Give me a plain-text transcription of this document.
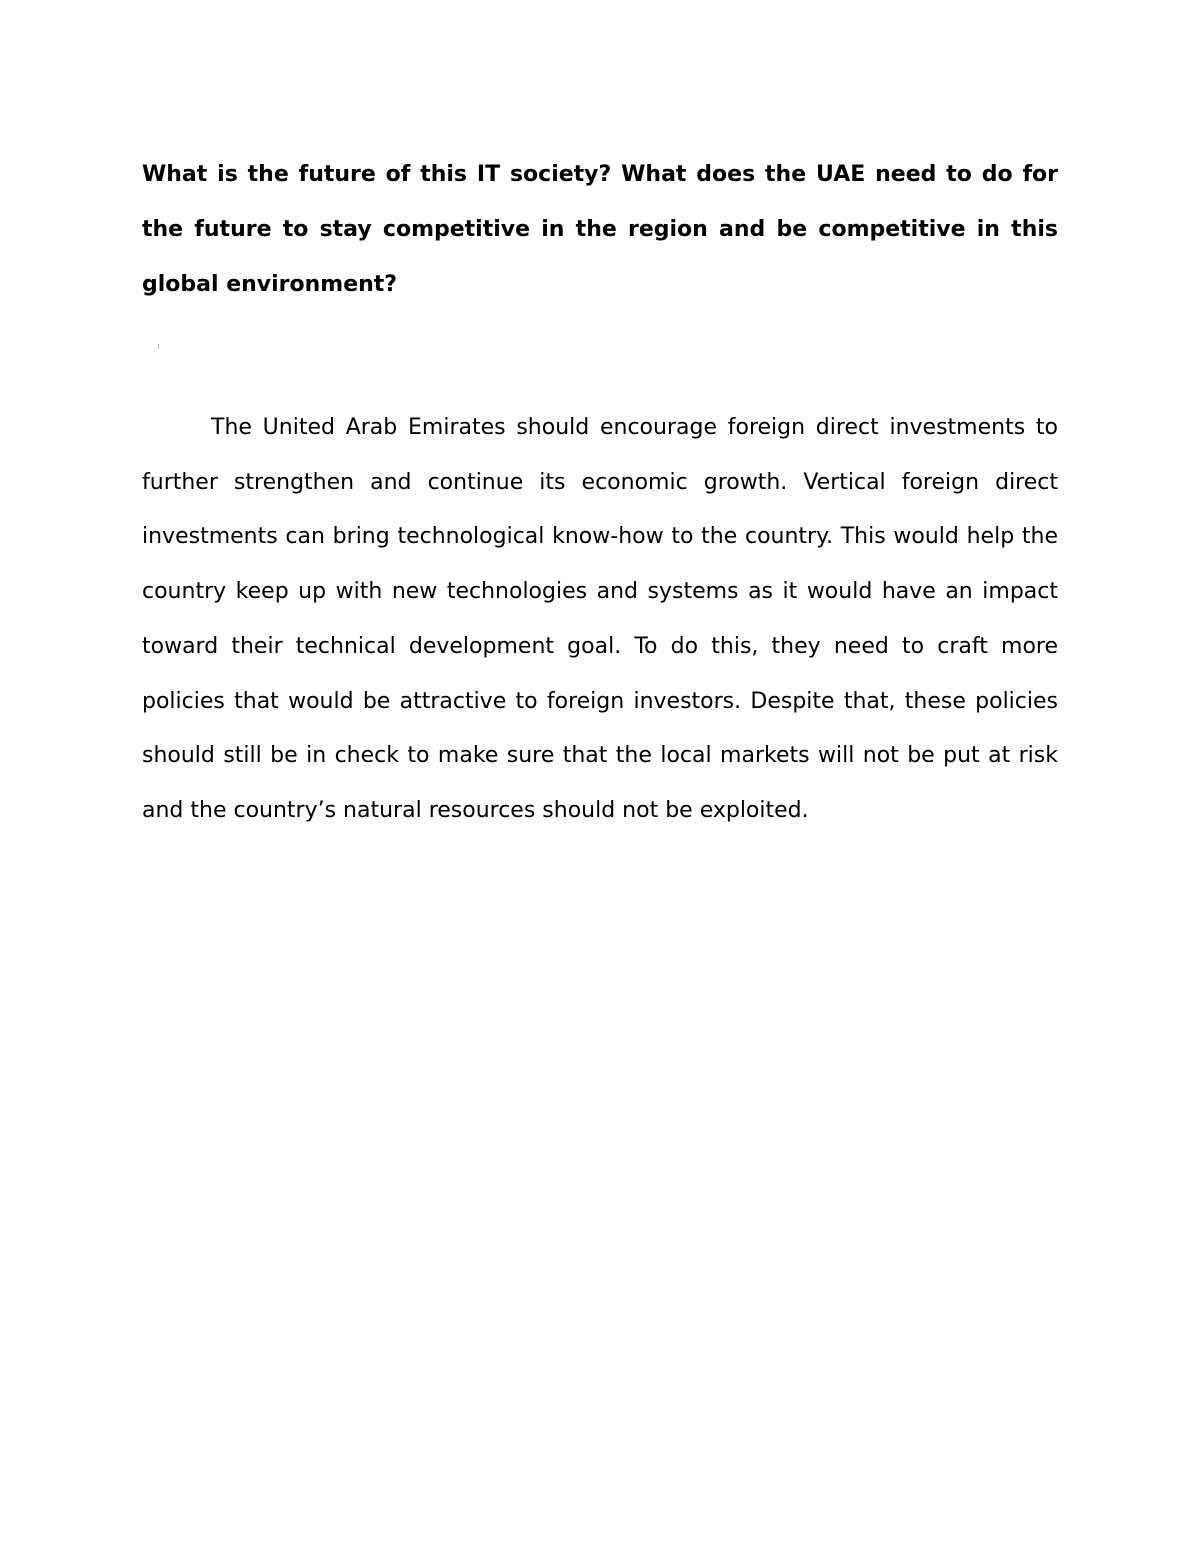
What is the future of this IT society? What does the UAE need to do for the future to stay competitive in the region and be competitive in this global environment?

The United Arab Emirates should encourage foreign direct investments to further strengthen and continue its economic growth. Vertical foreign direct investments can bring technological know-how to the country. This would help the country keep up with new technologies and systems as it would have an impact toward their technical development goal. To do this, they need to craft more policies that would be attractive to foreign investors. Despite that, these policies should still be in check to make sure that the local markets will not be put at risk and the country’s natural resources should not be exploited.
